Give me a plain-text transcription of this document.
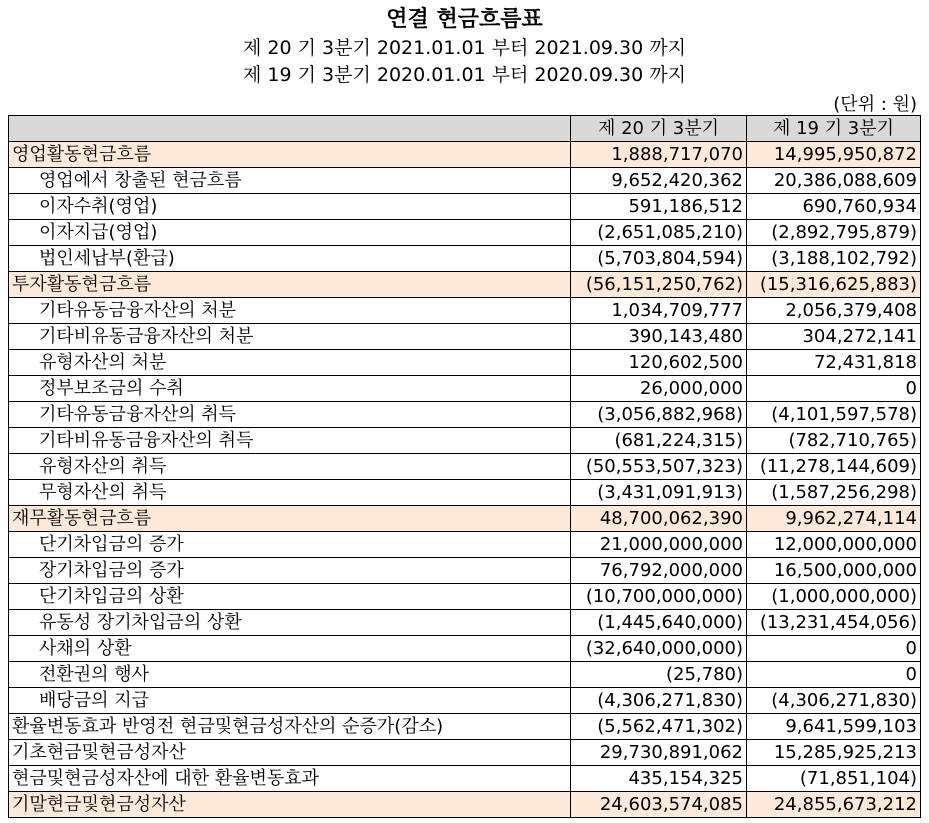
연결 현금흐름표
제 20 기 3분기 2021.01.01 부터 2021.09.30 까지
제 19 기 3분기 2020.01.01 부터 2020.09.30 까지
(단위 : 원)
	제 20 기 3분기	제 19 기 3분기
영업활동현금흐름	1,888,717,070	14,995,950,872
영업에서 창출된 현금흐름	9,652,420,362	20,386,088,609
이자수취(영업)	591,186,512	690,760,934
이자지급(영업)	(2,651,085,210)	(2,892,795,879)
법인세납부(환급)	(5,703,804,594)	(3,188,102,792)
투자활동현금흐름	(56,151,250,762)	(15,316,625,883)
기타유동금융자산의 처분	1,034,709,777	2,056,379,408
기타비유동금융자산의 처분	390,143,480	304,272,141
유형자산의 처분	120,602,500	72,431,818
정부보조금의 수취	26,000,000	0
기타유동금융자산의 취득	(3,056,882,968)	(4,101,597,578)
기타비유동금융자산의 취득	(681,224,315)	(782,710,765)
유형자산의 취득	(50,553,507,323)	(11,278,144,609)
무형자산의 취득	(3,431,091,913)	(1,587,256,298)
재무활동현금흐름	48,700,062,390	9,962,274,114
단기차입금의 증가	21,000,000,000	12,000,000,000
장기차입금의 증가	76,792,000,000	16,500,000,000
단기차입금의 상환	(10,700,000,000)	(1,000,000,000)
유동성 장기차입금의 상환	(1,445,640,000)	(13,231,454,056)
사채의 상환	(32,640,000,000)	0
전환권의 행사	(25,780)	0
배당금의 지급	(4,306,271,830)	(4,306,271,830)
환율변동효과 반영전 현금및현금성자산의 순증가(감소)	(5,562,471,302)	9,641,599,103
기초현금및현금성자산	29,730,891,062	15,285,925,213
현금및현금성자산에 대한 환율변동효과	435,154,325	(71,851,104)
기말현금및현금성자산	24,603,574,085	24,855,673,212
